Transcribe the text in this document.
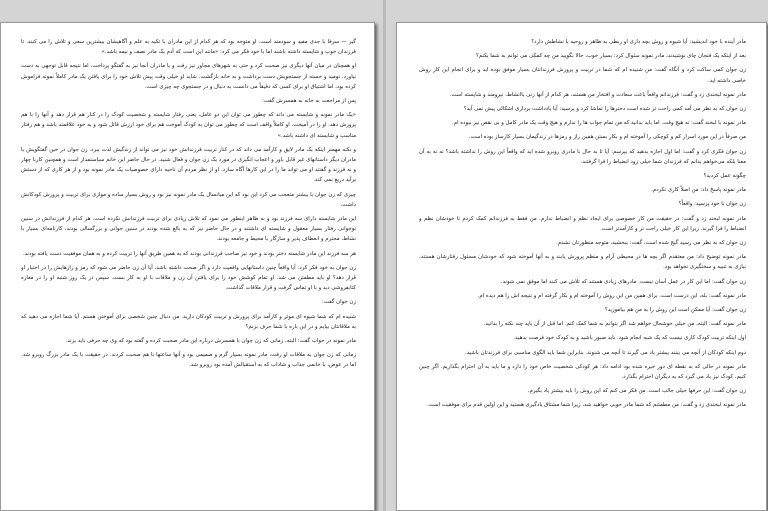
گیر — سرفا با جدی مفید و سودمند است. او متوجه بود که هر کدام از این مادران با تکیه به علم و آگاهیشان بیشترین سعی و تلاش را می کنند، تا فرزندان خوب و شایسته داشته باشند اما با خود فکر می کرد: «مانند این است که آدم یک مادر نصف و نیمه باشد.»

او همچنان در میان آنها دیگری نیز صحبت کرد و حتی به شهرهای مجاور نیز رفت و با مادران آنجا نیز به گفتگو پرداخت، اما نتیجه قابل توجهی به دست نیاورد. نومید و خسته از جستجویش دست برداشت و به خانه بازگشت. شاید او خیلی وقت پیش تلاش خود را برای یافتن یک مادر کاملاً نمونه فراموش کرده بود، اما اشتیاق او برای کسی که دقیقاً می دانست به دنبال و در جستجوی چه چیزی است.

پس از مراجعت به خانه به همسرش گفت:

«یک مادر نمونه و شایسته می داند که چطور می توان این دو عامل، یعنی رفتار شایسته و شخصیت کودک را در کنار هم قرار دهد و آنها را با هم پرورش دهد. او را در آمیخت، او کاملاً واقف است که چطور می توان به کودک آموخت هم برای خود ارزش قائل شود و به خود علاقمند باشد و هم رفتار مناسب و شایسته ای داشته باشد.»

و نکته مهمتر اینکه یک مادر لایق و کارآمد می داند که در کنار تربیت فرزندانش خود نیز می تواند از زندگیش لذت ببرد. زن جوان در حین گفتگویش با مادران دیگر داستانهای غیر قابل باور و اعجاب انگیزی در مورد یک زن جوان و فعال شنید. در حال حاضر این خانم سیاستمدار است و همچنین کاربا چهار و نه فرزند و گفتند او می تواند ما را در این کارها آگاه سازد. او از نظر مردم آن ناحیه دارای خصوصیات یک مادر نمونه بود و از هر کاری که از دستش برآید دریغ نمی کند.

چیزی که زن جوان با بیشتر متعجب می کرد این بود که این میانسال یک مادر نمونه نیز بود و روش بسیار ساده و موازی برای تربیت و پرورش کودکانش داشت.

این مادر شایسته دارای سه فرزند بود و به ظاهر اینطور می نمود که تلاش زیادی برای تربیت فرزندانش نکرده است. هر کدام از فرزندانش در سنین نوجوانی رفتار بسیار معقول و شایسته ای داشتند و در حال حاضر نیز که به بالغ شده بودند در سنین جوانی و بزرگسالی بودند، کارنامه‌ای بسیار با نشاط، محترم و انعطاف پذیر و سازگار با محیط و جامعه بودند.

هر سه فرزند این مادر شایسته دختر بودند و خود نیز صاحب فرزندانی بودند که به همین طریق آنها را تربیت کرده و به همان موفقیت دست یافته بودند.

زن جوان به خود فکر کرد: آیا واقعاً چنین داستانهایی واقعیت دارد و اگر صحت داشته باشد، آیا آن زن حاضر می شود که رمز و رازهایش را در اختیار او قرار دهد؟ او باید مطمئن می شد. او تمام کوشش خود را برای یافتن آن زن و ملاقات با او به کار بست. سپس در یک روز شنبه او را در مغازه کتابفروشی دید و با او تماس گرفت و قرار ملاقات گذاشت.

زن جوان گفت:

شنیده ام که شما شیوه ای موثر و کارآمد برای پرورش و تربیت کودکان دارید. من دنبال چنین شخصی برای آموختن هستم. آیا شما اجازه می دهید که به ملاقاتتان بیایم و در این باره با شما حرف بزنم؟

مادر نمونه در جواب گفت: البته، زمانی که زن جوان با همسرش درباره این مادر صحبت کرده و گفته بود که وی چه حرفی باید بزند.

زمانی که زن جوان به ملاقات او رفت، مادر نمونه بسیار گرم و صمیمی بود و آنها ساعتها با هم صحبت کردند. در حقیقت با یک مادر بزرگ روبرو شد. اما در عوض، با خانمی جذاب و شاداب که به استقبالش آمده بود روبرو شد.

مادر آینده با خود اندیشید: آیا شیوه و روش بچه داری او ربطی به ظاهر و روحیه با نشاطش دارد؟

بعد از اینکه یک فنجان چای نوشیدند، مادر نمونه سئوال کرد: بسیار خوب، حالا بگویید من چه کمکی می توانم به شما بکنم؟

زن جوان کمی ساکت کرد و آنگاه گفت: من شنیده ام که شما در تربیت و پرورش فرزندانتان بسیار موفق بوده اید و برای انجام این کار روش خاصی داشته اید.

مادر نمونه لبخندی زد و گفت: فرزندانم واقعاً باعث سعادت و افتخار من هستند، هر کدام از آنها زنی باانشاط، نیرومند و شایسته است.

زن جوان که به نظر می آمد کمی راحت تر شده است دخترها را تماشا کرد و پرسید: آیا بادداشت برداری اشکالی پیش نمی آید؟

مادر نمونه با لبخند گفت: نه هیچ وقت. اما باید بدانید که من تمام جواب ها را ندارم و هیچ وقت یک مادر کامل و بی نقص نیز نبوده ام.

من صرفاً در این مورد اسرار کم و کوچکی را آموخته ام و بکار بستن همین راز و رمزها در زندگیمان بسیار کارساز بوده است.

زن جوان فکری کرد و گفت: اما اول اجازه بدهید که بپرسم: آیا تا به حال با مادری روبرو شده اید که واقعاً این روش را نداشته باشد؟ نه نه به آن معنا بلکه می‌خواهم بدانم که فرزندان شما خیلی زود انضباط را فرا گرفتند.

چگونه عمل کردید؟

مادر نمونه پاسخ داد: من اصلاً کاری نکردم.

زن جوان با خود پرسید: واقعاً؟

مادر نمونه لبخند زد و گفت: در حقیقت من کار خصوصی برای ایجاد نظم و انضباط ندارم. من فقط به فرزندانم کمک کردم تا خودشان نظم و انضباط را فرا گیرند. زیرا این کار خیلی راحت تر و کارآمدتر است.

زن جوان که به نظر می رسید گیج شده است، گفت: ببخشید، متوجه منظورتان نشدم.

مادر نمونه توضیح داد: من معتقدم اگر بچه ها در محیطی آرام و منظم پرورش یابند و به آنها آموخته شود که خودشان مسئول رفتارشان هستند، نیازی به تنبیه و سختگیری نخواهد بود.

زن جوان گفت: اما این کار در عمل آسان نیست. مادرهای زیادی هستند که تلاش می کنند اما موفق نمی شوند.

مادر نمونه گفت: بله، این درست است. برای همین من این روش را آموخته ام و بکار گرفته ام و نتیجه اش را هم دیده ام.

زن جوان گفت: آیا ممکن است این روش را به من هم بیاموزید؟

مادر نمونه گفت: البته، من خیلی خوشحال خواهم شد اگر بتوانم به شما کمک کنم. اما قبل از آن باید چند نکته را بدانید.

اول اینکه تربیت کودک کاری نیست که یک شبه انجام شود. باید صبور باشید و به کودک خود فرصت بدهید.

دوم اینکه کودکان از آنچه می بینند بیشتر یاد می گیرند تا آنچه می شنوند. بنابراین شما باید الگوی مناسبی برای فرزندتان باشید.

مادر نمونه در حالی که به نقطه ای دور خیره شده بود ادامه داد: هر کودکی شخصیت خاص خود را دارد و ما باید به آن احترام بگذاریم. اگر چنین کنیم، کودک نیز یاد می گیرد که به دیگران احترام بگذارد.

زن جوان گفت: این حرفها خیلی جالب است. من فکر می کنم که این روش را باید بیشتر یاد بگیرم.

مادر نمونه لبخندی زد و گفت: من مطمئنم که شما مادر خوبی خواهید شد، زیرا شما مشتاق یادگیری هستید و این اولین قدم برای موفقیت است.
